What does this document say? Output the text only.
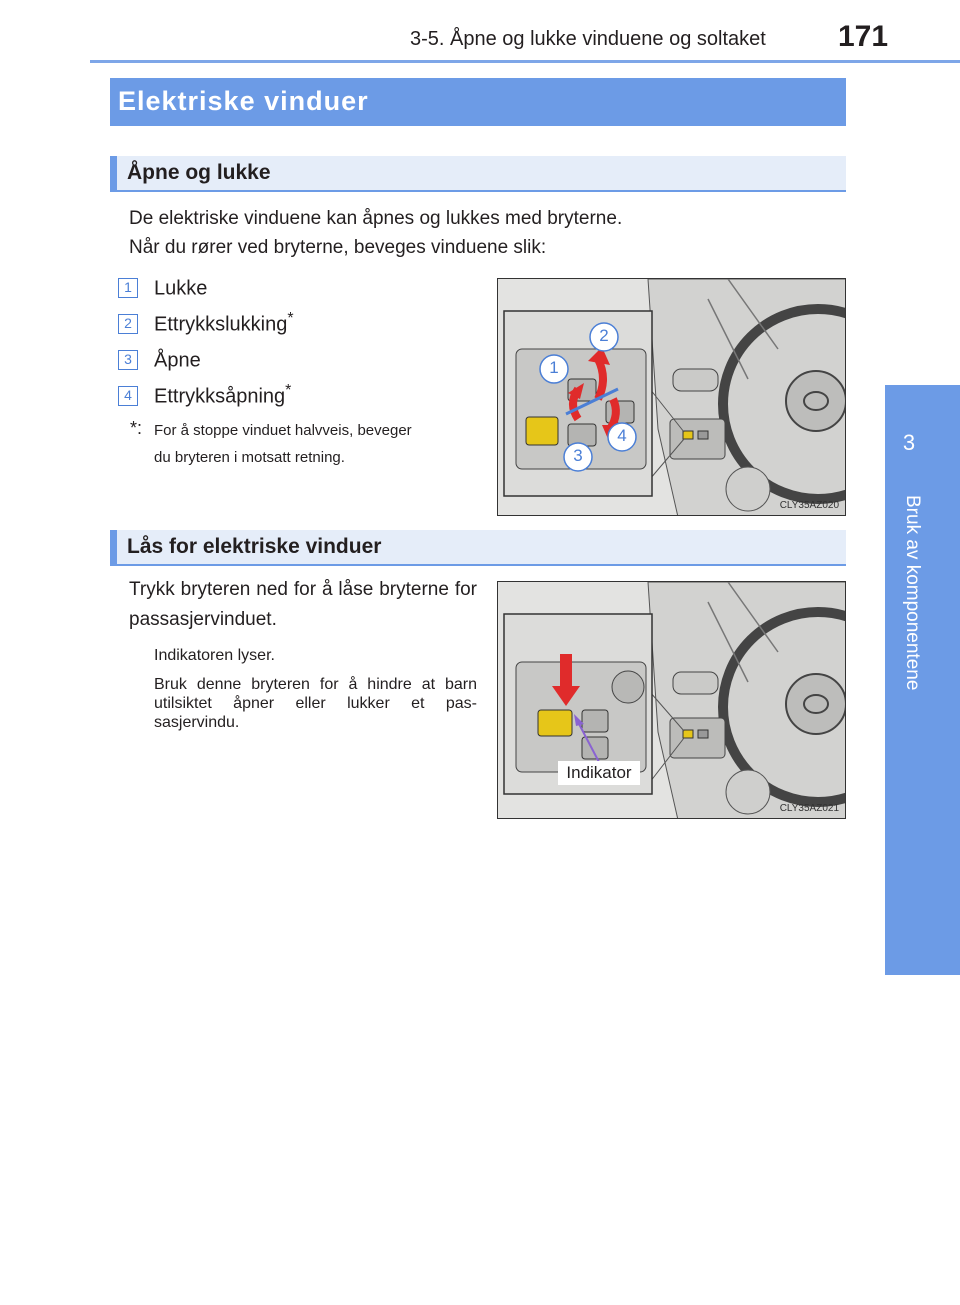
3-5. Åpne og lukke vinduene og soltaket 171
3
Bruk av komponentene
Elektriske vinduer
Åpne og lukke
De elektriske vinduene kan åpnes og lukkes med bryterne.
Når du rører ved bryterne, beveges vinduene slik:
1	Lukke
2	Ettrykkslukking*
3	Åpne
4	Ettrykksåpning*
*: For å stoppe vinduet halvveis, beveger
du bryteren i motsatt retning.
2
1
4
3
CLY35AZ020
Lås for elektriske vinduer
Trykk bryteren ned for å låse bryterne for passasjervinduet.
Indikatoren lyser.
Bruk denne bryteren for å hindre at barn utilsiktet åpner eller lukker et pas-sasjervindu.
Indikator
CLY35AZ021
